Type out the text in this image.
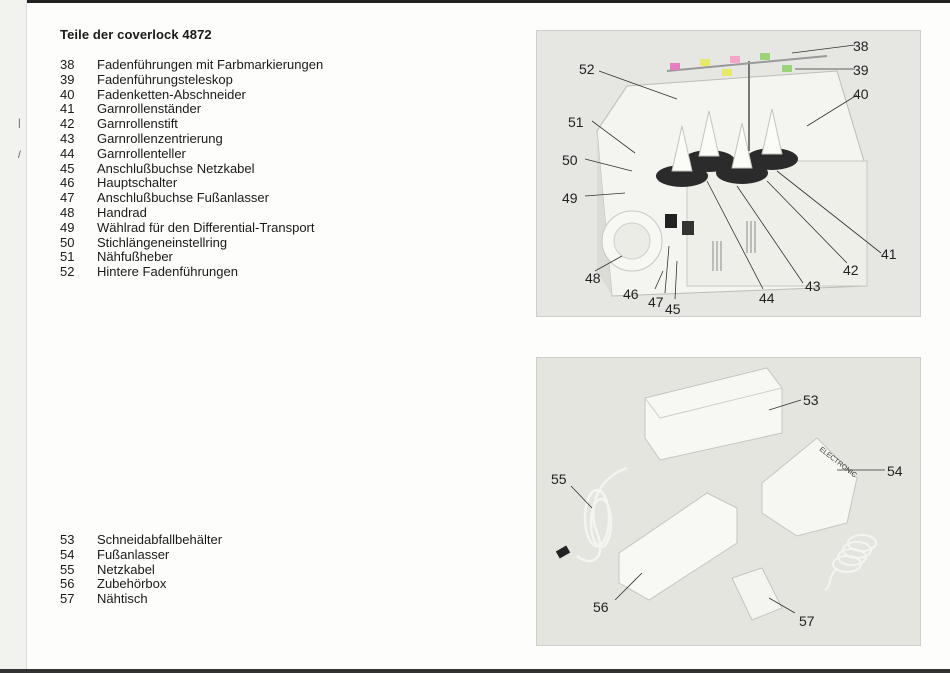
|
/
Teile der coverlock 4872
38	Fadenführungen mit Farbmarkierungen
39	Fadenführungsteleskop
40	Fadenketten-Abschneider
41	Garnrollenständer
42	Garnrollenstift
43	Garnrollenzentrierung
44	Garnrollenteller
45	Anschlußbuchse Netzkabel
46	Hauptschalter
47	Anschlußbuchse Fußanlasser
48	Handrad
49	Wählrad für den Differential-Transport
50	Stichlängeneinstellring
51	Nähfußheber
52	Hintere Fadenführungen
53	Schneidabfallbehälter
54	Fußanlasser
55	Netzkabel
56	Zubehörbox
57	Nähtisch
38
39
40
41
42
43
44
45
46 47
48
49
50
51
52
ELECTRONIC
53
54
55
56
57
